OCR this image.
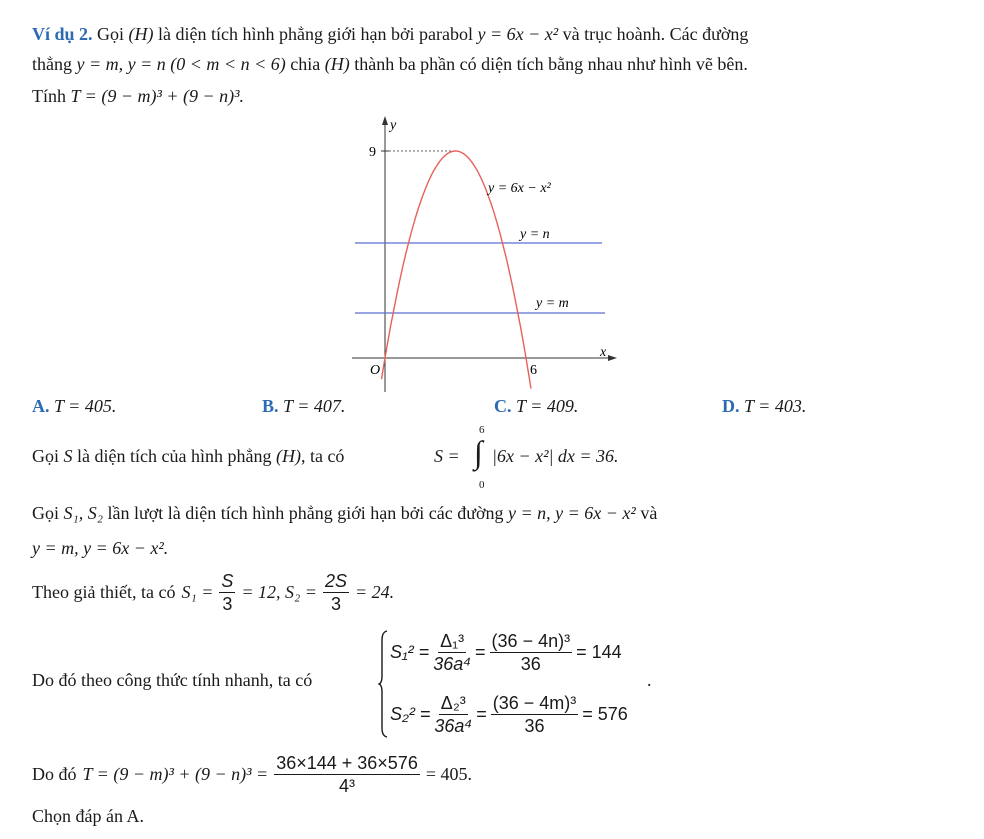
Ví dụ 2. Gọi (H) là diện tích hình phẳng giới hạn bởi parabol y = 6x − x² và trục hoành. Các đường
thẳng y = m, y = n (0 < m < n < 6) chia (H) thành ba phần có diện tích bằng nhau như hình vẽ bên.
Tính T = (9 − m)³ + (9 − n)³.
y
x
O
9
6
y = 6x − x²
y = n
y = m
A. T = 405.	B. T = 407.	C. T = 409.	D. T = 403.
Gọi S là diện tích của hình phẳng (H), ta có	S = ∫
6
0
|6x − x²| dx = 36.
Gọi S₁, S₂ lần lượt là diện tích hình phẳng giới hạn bởi các đường y = n, y = 6x − x² và
y = m, y = 6x − x².
Theo giả thiết, ta có $S_1 = \frac{S}{3} = 12$, $S_2 = \frac{2S}{3} = 24$.
Do đó theo công thức tính nhanh, ta có
$S_1^2 = \frac{\text{Δ₁³}}{\text{36a⁴}} = \frac{\text{(36 − 4n)³}}{36} = 144$
$S_2^2 = \frac{\text{Δ₂³}}{\text{36a⁴}} = \frac{\text{(36 − 4m)³}}{36} = 576$
.
Do đó $T = (9 - m)^3 + (9 - n)^3 = \frac{36\times 144 + 36\times 576}{\text{4³}} = 405$.
Chọn đáp án A.
